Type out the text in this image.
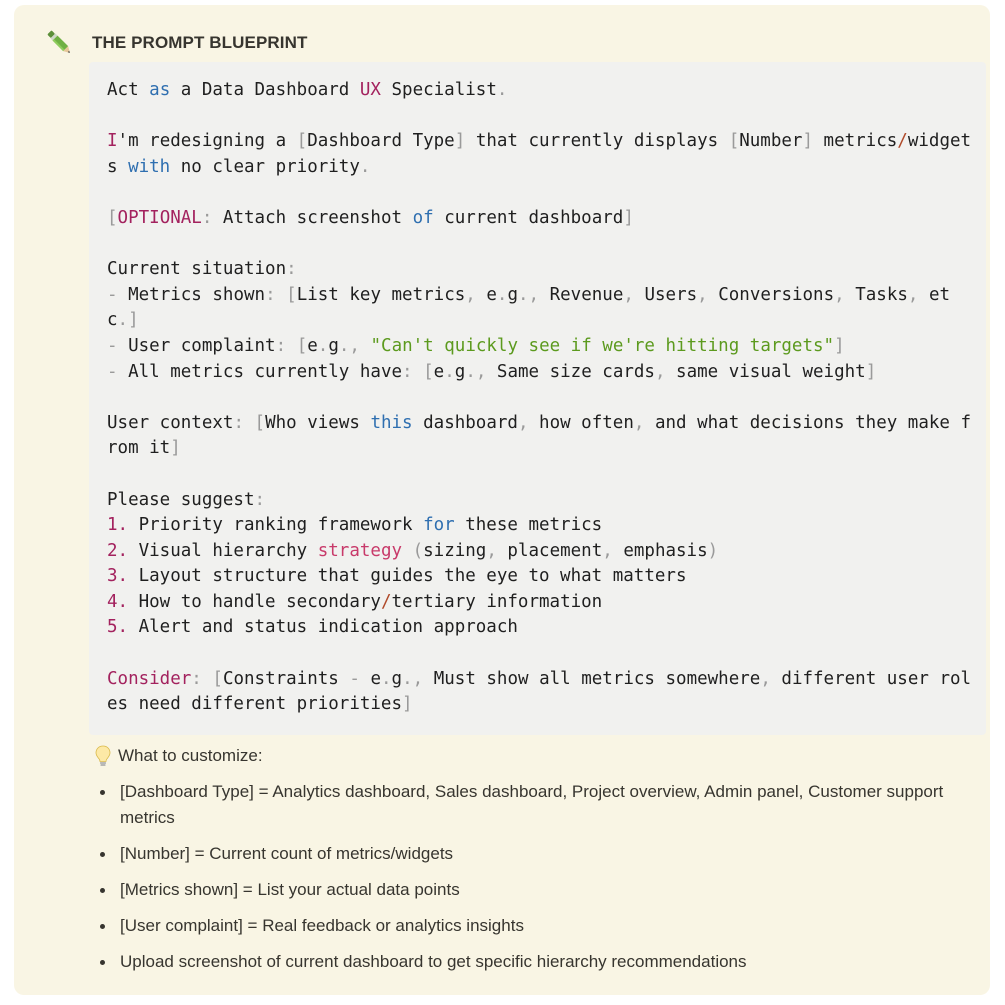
THE PROMPT BLUEPRINT
Act as a Data Dashboard UX Specialist.

I'm redesigning a [Dashboard Type] that currently displays [Number] metrics/widget
s with no clear priority.

[OPTIONAL: Attach screenshot of current dashboard]

Current situation:
- Metrics shown: [List key metrics, e.g., Revenue, Users, Conversions, Tasks, et
c.]
- User complaint: [e.g., "Can't quickly see if we're hitting targets"]
- All metrics currently have: [e.g., Same size cards, same visual weight]

User context: [Who views this dashboard, how often, and what decisions they make f
rom it]

Please suggest:
1. Priority ranking framework for these metrics
2. Visual hierarchy strategy (sizing, placement, emphasis)
3. Layout structure that guides the eye to what matters
4. How to handle secondary/tertiary information
5. Alert and status indication approach

Consider: [Constraints - e.g., Must show all metrics somewhere, different user rol
es need different priorities]
What to customize:
[Dashboard Type] = Analytics dashboard, Sales dashboard, Project overview, Admin panel, Customer support metrics
[Number] = Current count of metrics/widgets
[Metrics shown] = List your actual data points
[User complaint] = Real feedback or analytics insights
Upload screenshot of current dashboard to get specific hierarchy recommendations
